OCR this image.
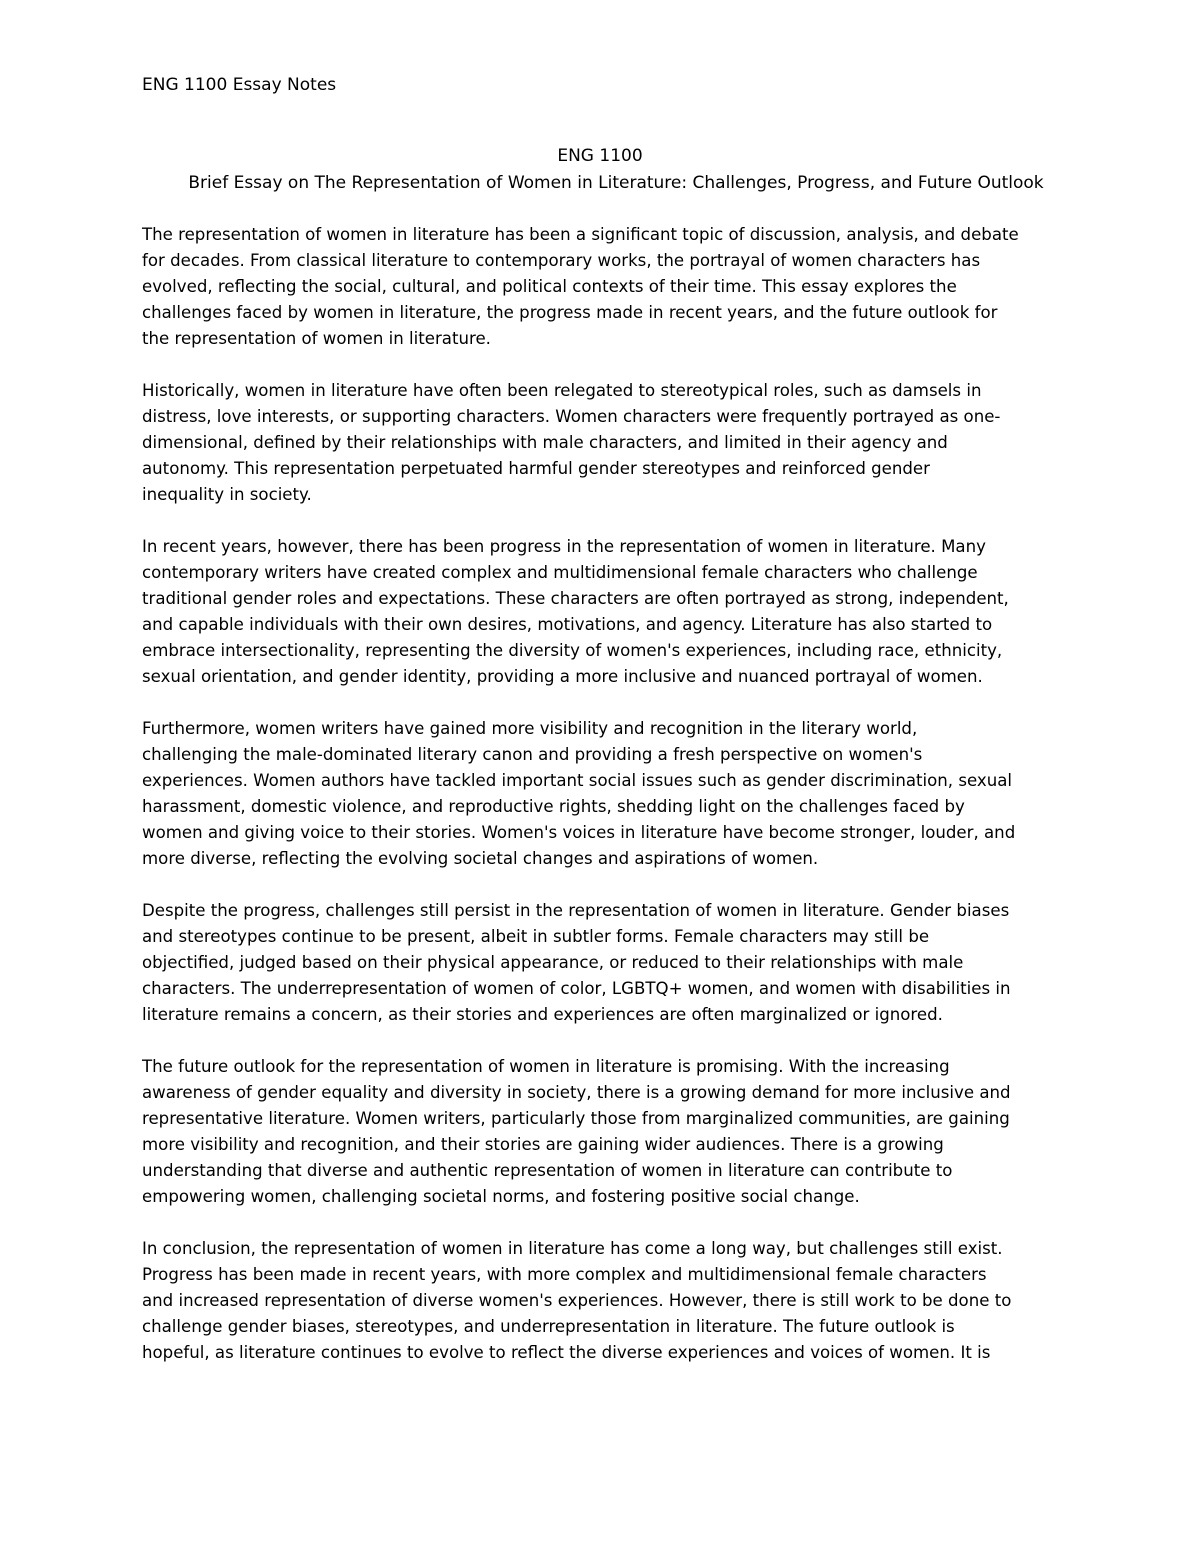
ENG 1100 Essay Notes
ENG 1100
Brief Essay on The Representation of Women in Literature: Challenges, Progress, and Future Outlook
The representation of women in literature has been a significant topic of discussion, analysis, and debate
for decades. From classical literature to contemporary works, the portrayal of women characters has
evolved, reflecting the social, cultural, and political contexts of their time. This essay explores the
challenges faced by women in literature, the progress made in recent years, and the future outlook for
the representation of women in literature.
Historically, women in literature have often been relegated to stereotypical roles, such as damsels in
distress, love interests, or supporting characters. Women characters were frequently portrayed as one-
dimensional, defined by their relationships with male characters, and limited in their agency and
autonomy. This representation perpetuated harmful gender stereotypes and reinforced gender
inequality in society.
In recent years, however, there has been progress in the representation of women in literature. Many
contemporary writers have created complex and multidimensional female characters who challenge
traditional gender roles and expectations. These characters are often portrayed as strong, independent,
and capable individuals with their own desires, motivations, and agency. Literature has also started to
embrace intersectionality, representing the diversity of women's experiences, including race, ethnicity,
sexual orientation, and gender identity, providing a more inclusive and nuanced portrayal of women.
Furthermore, women writers have gained more visibility and recognition in the literary world,
challenging the male-dominated literary canon and providing a fresh perspective on women's
experiences. Women authors have tackled important social issues such as gender discrimination, sexual
harassment, domestic violence, and reproductive rights, shedding light on the challenges faced by
women and giving voice to their stories. Women's voices in literature have become stronger, louder, and
more diverse, reflecting the evolving societal changes and aspirations of women.
Despite the progress, challenges still persist in the representation of women in literature. Gender biases
and stereotypes continue to be present, albeit in subtler forms. Female characters may still be
objectified, judged based on their physical appearance, or reduced to their relationships with male
characters. The underrepresentation of women of color, LGBTQ+ women, and women with disabilities in
literature remains a concern, as their stories and experiences are often marginalized or ignored.
The future outlook for the representation of women in literature is promising. With the increasing
awareness of gender equality and diversity in society, there is a growing demand for more inclusive and
representative literature. Women writers, particularly those from marginalized communities, are gaining
more visibility and recognition, and their stories are gaining wider audiences. There is a growing
understanding that diverse and authentic representation of women in literature can contribute to
empowering women, challenging societal norms, and fostering positive social change.
In conclusion, the representation of women in literature has come a long way, but challenges still exist.
Progress has been made in recent years, with more complex and multidimensional female characters
and increased representation of diverse women's experiences. However, there is still work to be done to
challenge gender biases, stereotypes, and underrepresentation in literature. The future outlook is
hopeful, as literature continues to evolve to reflect the diverse experiences and voices of women. It is
